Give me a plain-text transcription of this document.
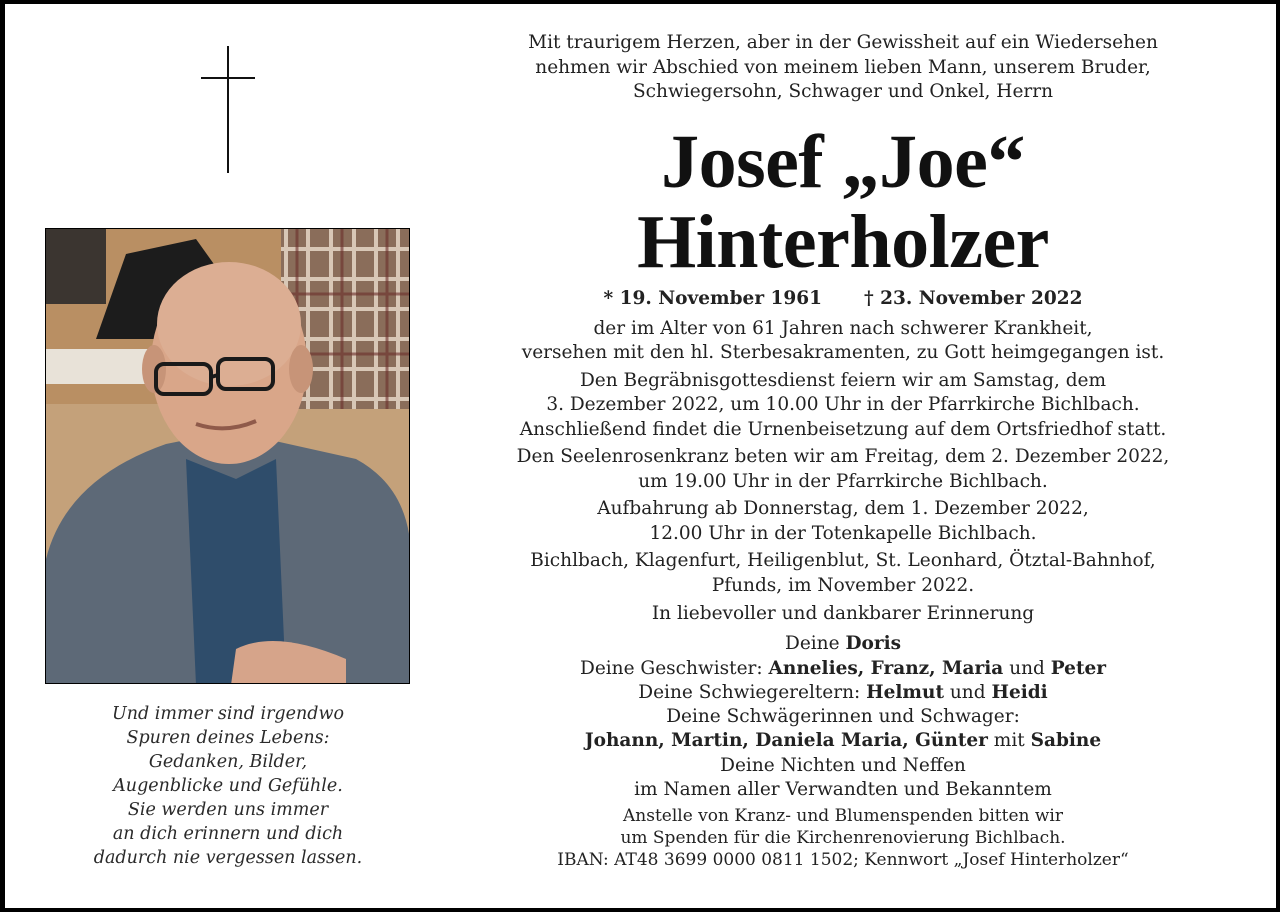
Und immer sind irgendwo
Spuren deines Lebens:
Gedanken, Bilder,
Augenblicke und Gefühle.
Sie werden uns immer
an dich erinnern und dich
dadurch nie vergessen lassen.
Mit traurigem Herzen, aber in der Gewissheit auf ein Wiedersehen
nehmen wir Abschied von meinem lieben Mann, unserem Bruder,
Schwiegersohn, Schwager und Onkel, Herrn
Josef „Joe“
Hinterholzer
* 19. November 1961 † 23. November 2022
der im Alter von 61 Jahren nach schwerer Krankheit,
versehen mit den hl. Sterbesakramenten, zu Gott heimgegangen ist.
Den Begräbnisgottesdienst feiern wir am Samstag, dem
3. Dezember 2022, um 10.00 Uhr in der Pfarrkirche Bichlbach.
Anschließend findet die Urnenbeisetzung auf dem Ortsfriedhof statt.
Den Seelenrosenkranz beten wir am Freitag, dem 2. Dezember 2022,
um 19.00 Uhr in der Pfarrkirche Bichlbach.
Aufbahrung ab Donnerstag, dem 1. Dezember 2022,
12.00 Uhr in der Totenkapelle Bichlbach.
Bichlbach, Klagenfurt, Heiligenblut, St. Leonhard, Ötztal-Bahnhof,
Pfunds, im November 2022.
In liebevoller und dankbarer Erinnerung
Deine Doris
Deine Geschwister: Annelies, Franz, Maria und Peter
Deine Schwiegereltern: Helmut und Heidi
Deine Schwägerinnen und Schwager:
Johann, Martin, Daniela Maria, Günter mit Sabine
Deine Nichten und Neffen
im Namen aller Verwandten und Bekanntem
Anstelle von Kranz- und Blumenspenden bitten wir
um Spenden für die Kirchenrenovierung Bichlbach.
IBAN: AT48 3699 0000 0811 1502; Kennwort „Josef Hinterholzer“
